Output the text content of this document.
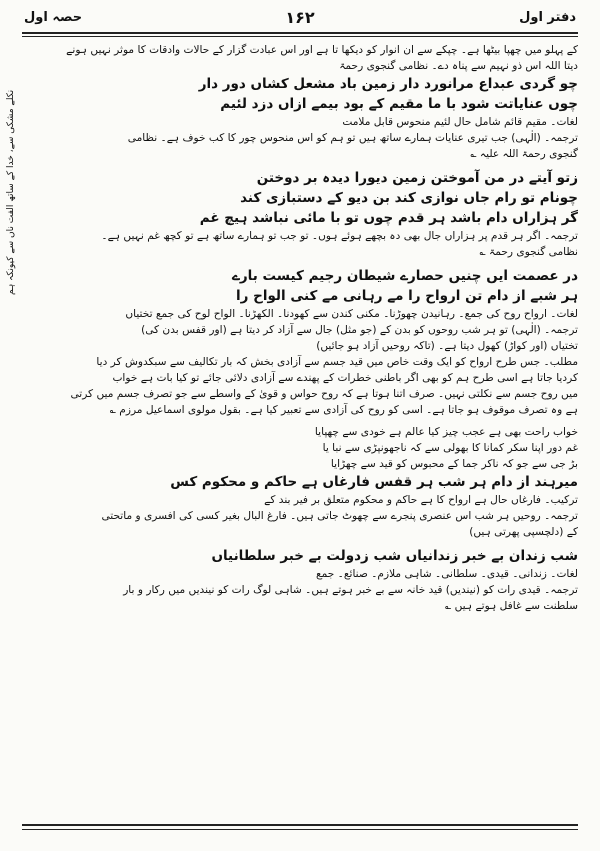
دفتر اول
۱۶۲
حصہ اول
نکلے مشکی سے، خدا کے ساتھ الفت ناں سے کیونکہ ہم
کے پہلو میں چھپا بیٹھا ہے۔ چپکے سے ان انوار کو دیکھا تا ہے اور اس عبادت گزار کے حالات وادقات کا موثر نہیں ہونے
دیتا اللہ اس ذو نہیم سے پناہ دے۔ نظامی گنجوی رحمۃ
چو گردی عبداع مرانورد دار زمین باد مشعل کشاں دور دار
چوں عنایاتت شود با ما مقیم کے بود بیمے ازاں دزد لئیم
لغات۔ مقیم قائم شامل حال لئیم منحوس قابل ملامت
ترجمہ۔ (الٰہی) جب تیری عنایات ہمارے ساتھ ہیں تو ہم کو اس منحوس چور کا کب خوف ہے۔ نظامی
گنجوی رحمۃ اللہ علیہ ؎
زتو آیتے در من آموختن زمین دیورا دیدہ بر دوختن
چونام تو رام جاں نوازی کند بن دیو کے دستبازی کند
گر ہزاراں دام باشد ہر قدم چوں تو با مائی نباشد ہیچ غم
ترجمہ۔ اگر ہر قدم پر ہزاراں جال بھی دہ بچھے ہوئے ہوں۔ تو جب تو ہمارے ساتھ ہے تو کچھ غم نہیں ہے۔
نظامی گنجوی رحمۃ ؎
در عصمت ایں چنیں حصارے شیطان رجیم کیست بارے
ہر شبے از دام تن ارواح را مے رہانی مے کنی الواح را
لغات۔ ارواح روح کی جمع۔ رہانیدن چھوڑنا۔ مکنی کندن سے کھودنا۔ الکھڑنا۔ الواح لوح کی جمع تختیاں
ترجمہ۔ (الٰہی) تو ہر شب روحوں کو بدن کے (جو مثل) جال سے آزاد کر دیتا ہے (اور قفس بدن کی)
تختیاں (اور کواڑ) کھول دیتا ہے۔ (تاکہ روحیں آزاد ہو جائیں)
مطلب۔ جس طرح ارواح کو ایک وقت خاص میں قید جسم سے آزادی بخش کہ بار تکالیف سے سبکدوش کر دیا
کردیا جاتا ہے اسی طرح ہم کو بھی اگر باطنی خطرات کے پھندے سے آزادی دلائی جائے تو کیا بات ہے خواب
میں روح جسم سے نکلتی نہیں۔ صرف اتنا ہوتا ہے کہ روح حواس و قویٰ کے واسطے سے جو تصرف جسم میں کرتی
ہے وہ تصرف موقوف ہو جاتا ہے۔ اسی کو روح کی آزادی سے تعبیر کیا ہے۔ بقول مولوی اسماعیل مرزم ؎
خواب راحت بھی ہے عجب چیز کیا عالم ہے خودی سے چھپایا
غم دور اپنا سکر کمانا کا بھولی سے کہ ناجھونپڑی سے نبا یا
بڑ جی سے جو کہ ناکر جما کے محبوس کو قید سے چھڑایا
میرہند از دام ہر شب ہر قفس فارغاں ہے حاکم و محکوم کس
ترکیب۔ فارغاں حال ہے ارواح کا ہے حاکم و محکوم متعلق بر فیر بند کے
ترجمہ۔ روحیں ہر شب اس عنصری پنجرے سے چھوٹ جاتی ہیں۔ فارغ البال بغیر کسی کی افسری و ماتحتی
کے (دلچسپی پھرتی ہیں)
شب زندان بے خبر زندانیاں شب زدولت بے خبر سلطانیاں
لغات۔ زندانی۔ قیدی۔ سلطانی۔ شاہی ملازم۔ صنائع۔ جمع
ترجمہ۔ قیدی رات کو (نیندیں) قید خانہ سے بے خبر ہوتے ہیں۔ شاہی لوگ رات کو نیندیں میں رکار و بار
سلطنت سے غافل ہوتے ہیں ؎
